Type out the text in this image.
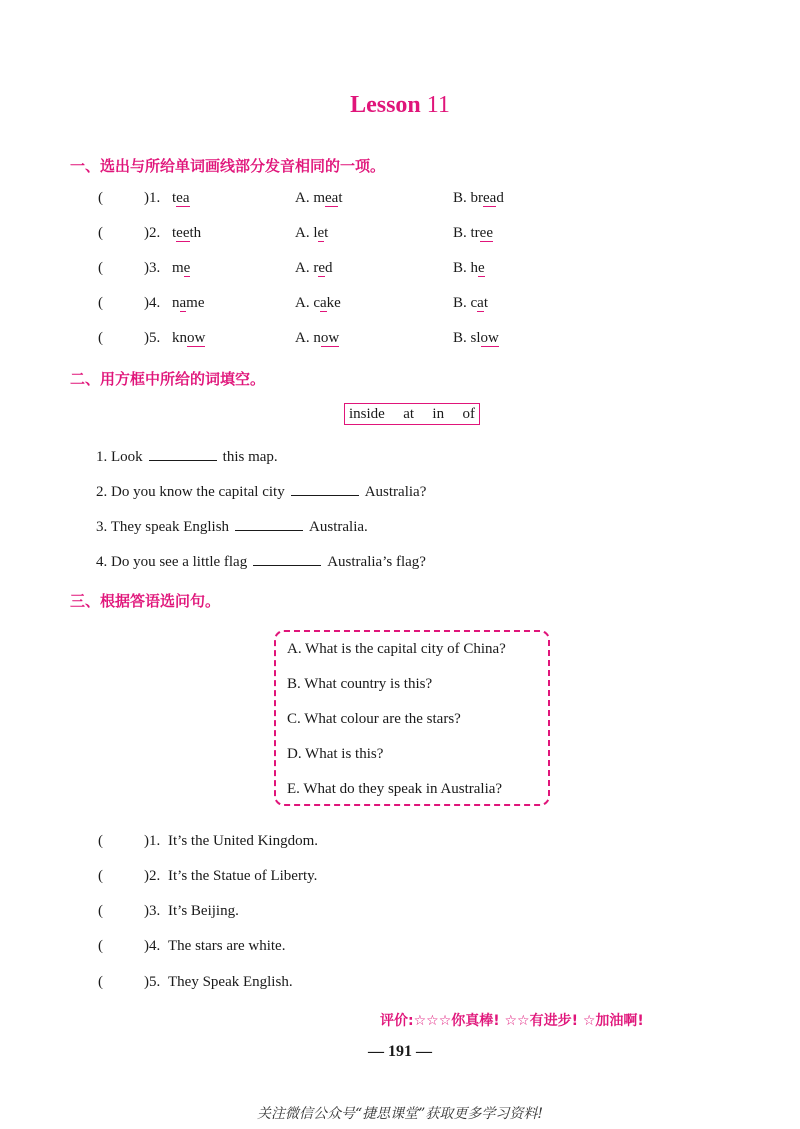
Lesson 11
一、选出与所给单词画线部分发音相同的一项。
(	)1. tea	A. meat	B. bread
(	)2. teeth	A. let	B. tree
(	)3. me	A. red	B. he
(	)4. name	A. cake	B. cat
(	)5. know	A. now	B. slow
二、用方框中所给的词填空。
inside at in of
1. Look	this map.
2. Do you know the capital city	Australia?
3. They speak English	Australia.
4. Do you see a little flag	Australia’s flag?
三、根据答语选问句。
A. What is the capital city of China?
B. What country is this?
C. What colour are the stars?
D. What is this?
E. What do they speak in Australia?
(	)1. It’s the United Kingdom.
(	)2. It’s the Statue of Liberty.
(	)3. It’s Beijing.
(	)4. The stars are white.
(	)5. They Speak English.
评价:☆☆☆你真棒! ☆☆有进步! ☆加油啊!
— 191 —
关注微信公众号“捷思课堂”获取更多学习资料!
